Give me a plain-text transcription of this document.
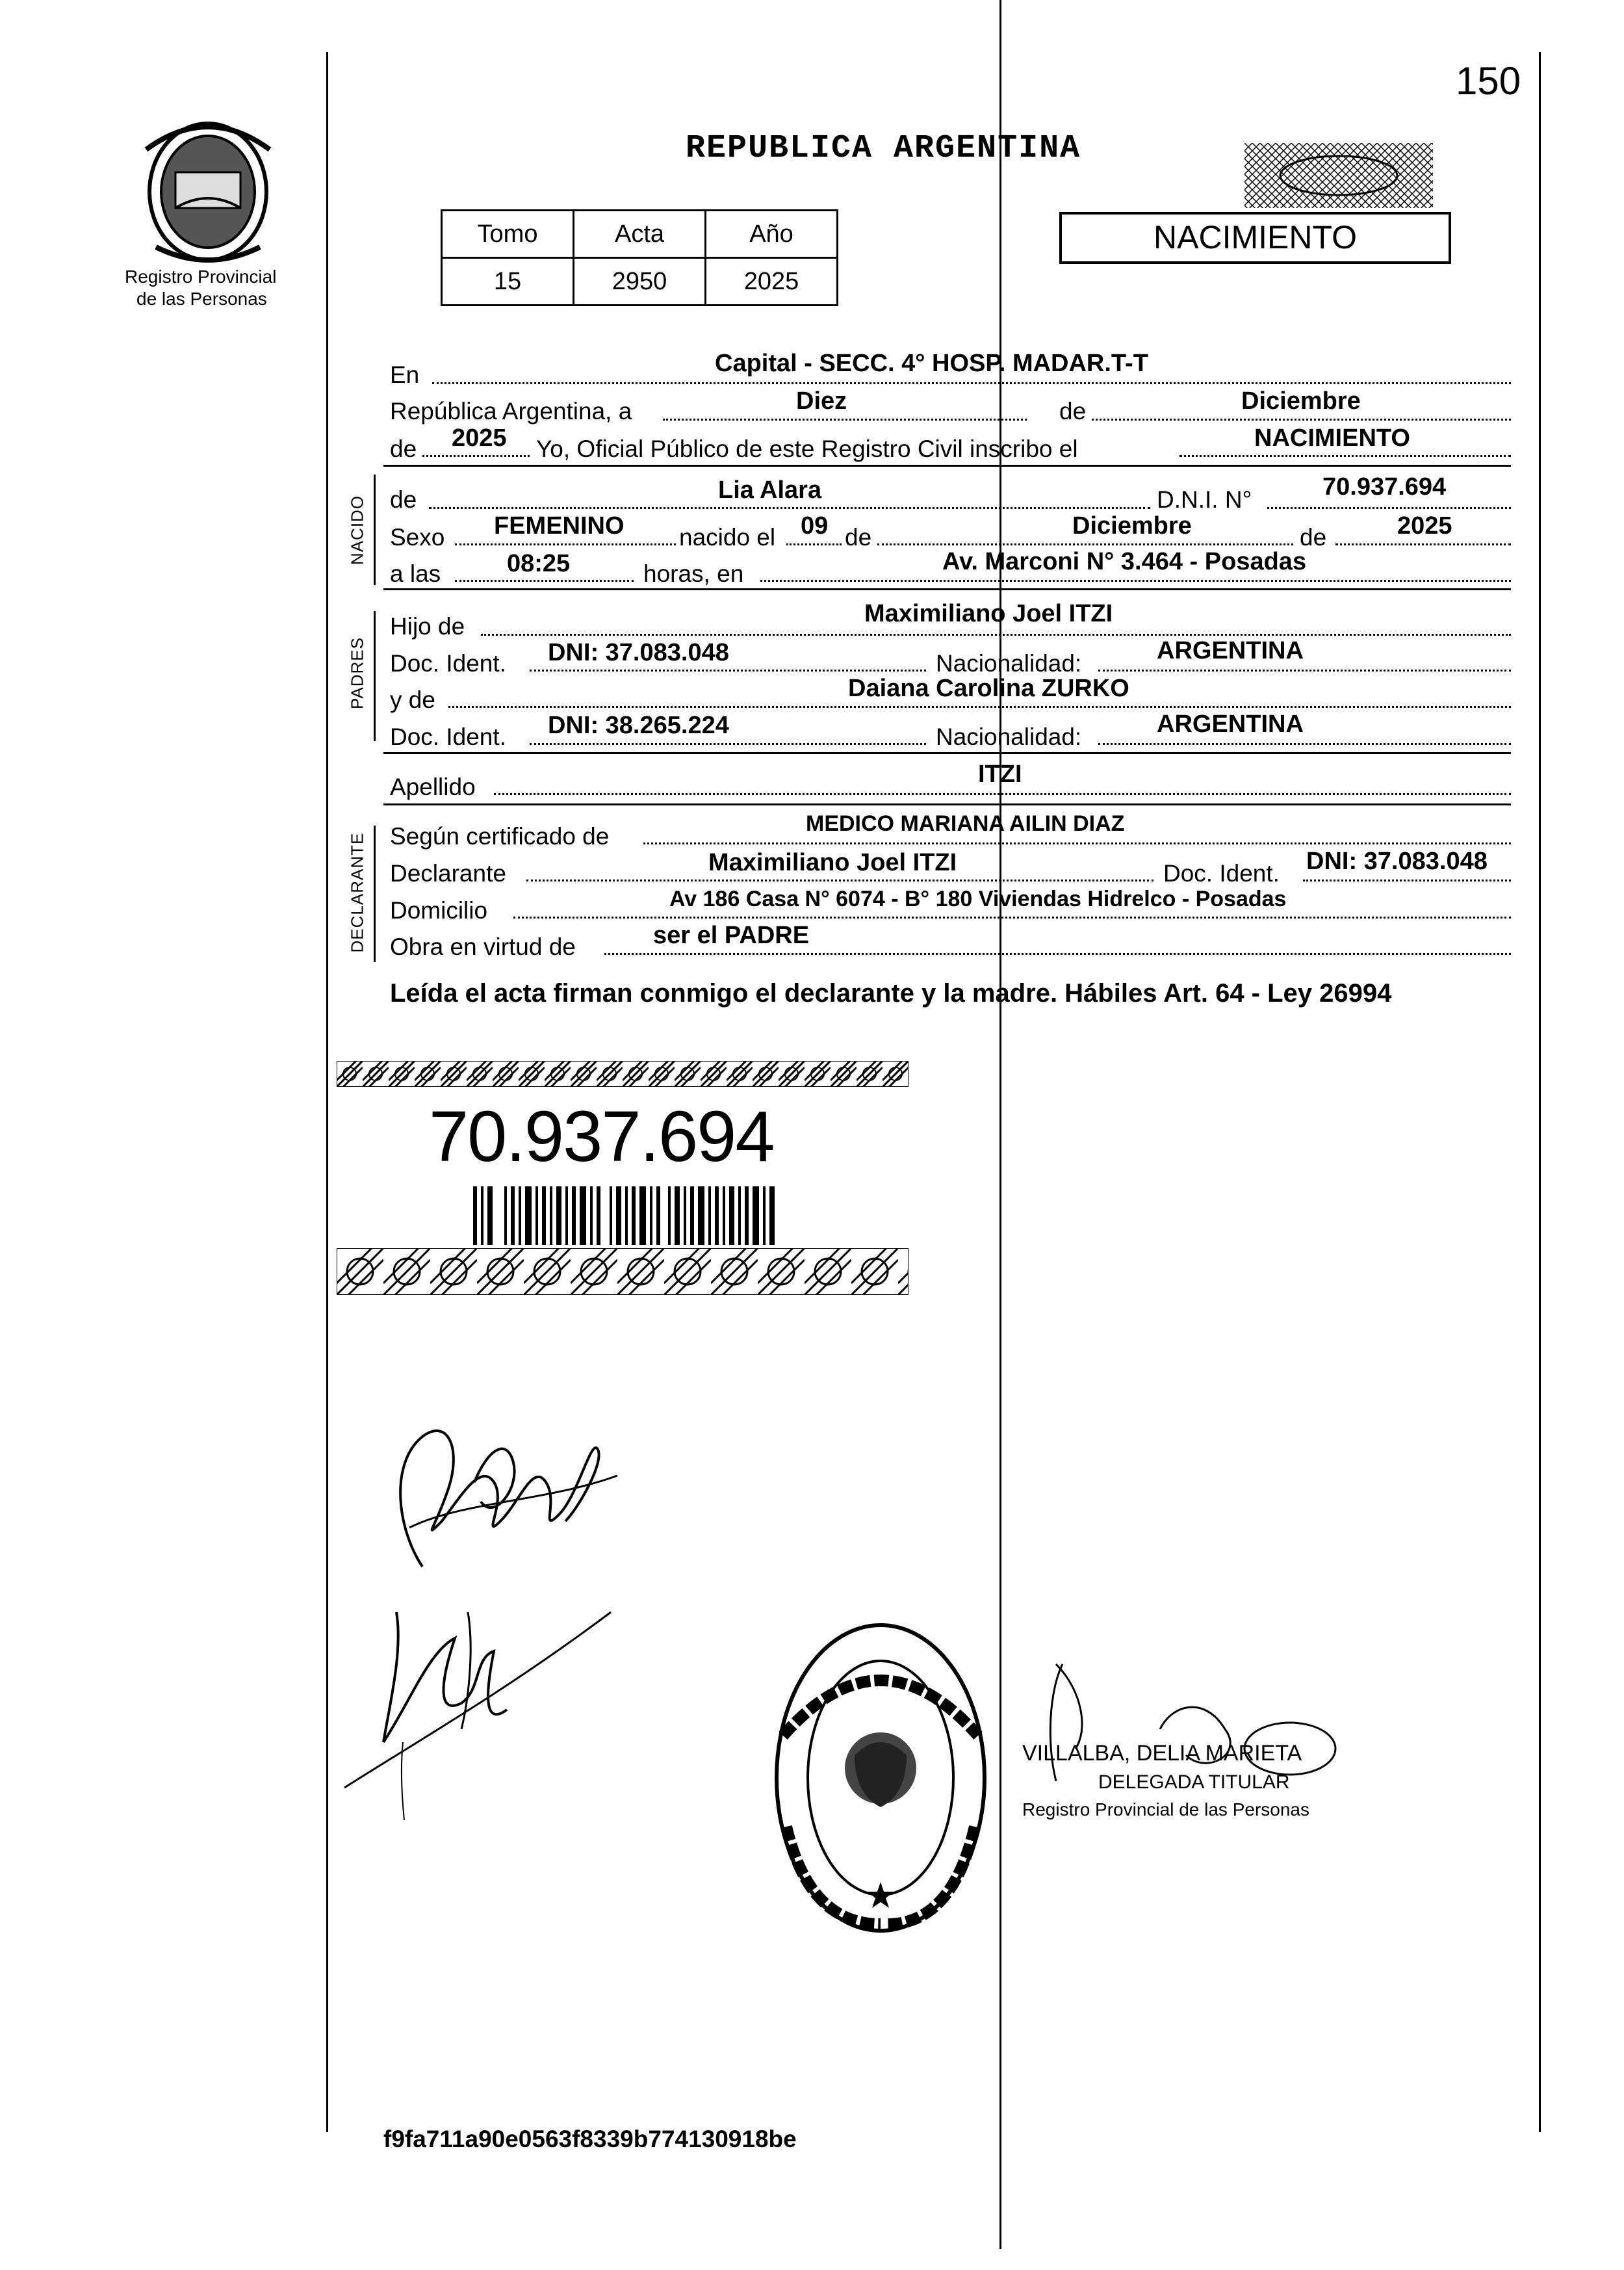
150
Registro Provincial
de las Personas
REPUBLICA ARGENTINA
Tomo	Acta	Año
15	2950	2025
NACIMIENTO
NACIDO
PADRES
DECLARANTE
En	Capital - SECC. 4° HOSP. MADAR.T-T
República Argentina, a	Diez	de	Diciembre
de 2025 Yo, Oficial Público de este Registro Civil inscribo el	NACIMIENTO
de	Lia Alara	D.N.I. N°	70.937.694
Sexo FEMENINO nacido el 09 de	Diciembre	de	2025
a las	08:25	horas, en	Av. Marconi N° 3.464 - Posadas
Hijo de	Maximiliano Joel ITZI
Doc. Ident. DNI: 37.083.048	Nacionalidad:	ARGENTINA
y de	Daiana Carolina ZURKO
Doc. Ident. DNI: 38.265.224	Nacionalidad:	ARGENTINA
Apellido	ITZI
Según certificado de	MEDICO MARIANA AILIN DIAZ
Declarante	Maximiliano Joel ITZI	Doc. Ident. DNI: 37.083.048
Domicilio	Av 186 Casa N° 6074 - B° 180 Viviendas Hidrelco - Posadas
Obra en virtud de	ser el PADRE
Leída el acta firman conmigo el declarante y la madre. Hábiles Art. 64 - Ley 26994
70.937.694
VILLALBA, DELIA MARIETA
DELEGADA TITULAR
Registro Provincial de las Personas
f9fa711a90e0563f8339b774130918be
